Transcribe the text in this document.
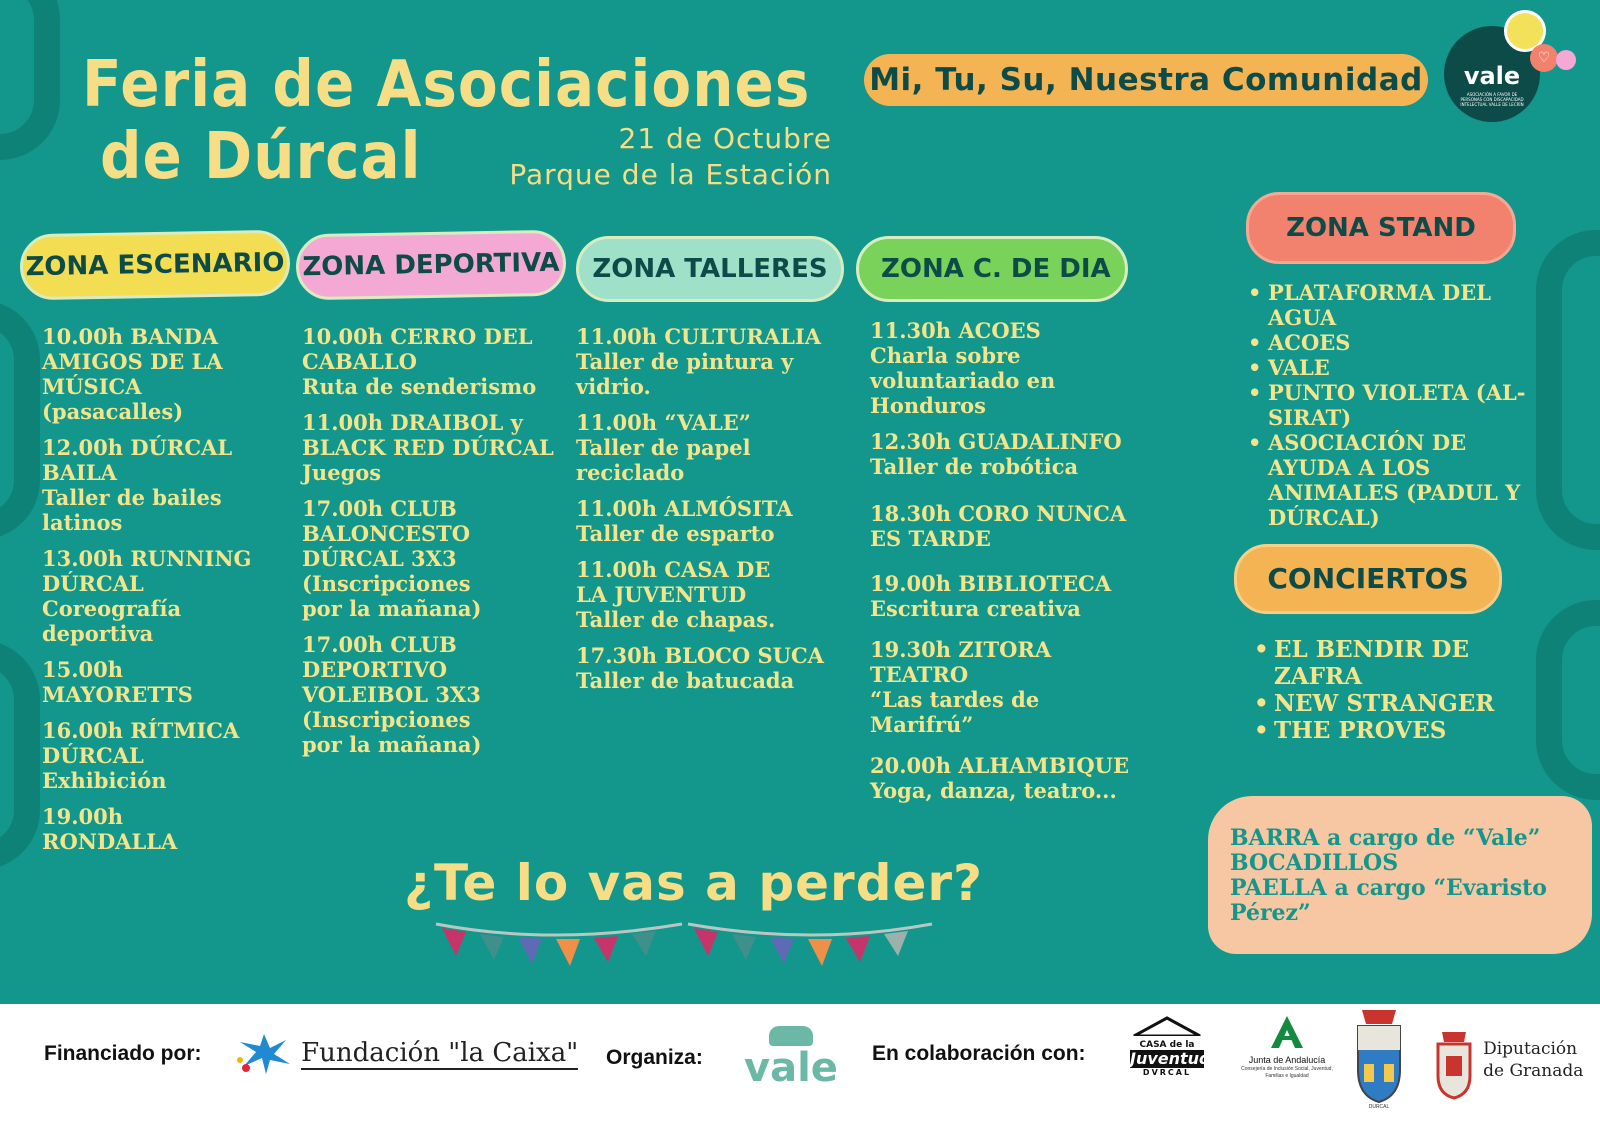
Feria de Asociaciones
de Dúrcal	21 de Octubre
Parque de la Estación
Mi, Tu, Su, Nuestra Comunidad	vale
ASOCIACIÓN A FAVOR DE PERSONAS CON DISCAPACIDAD INTELECTUAL VALLE DE LECRÍN
♡
ZONA ESCENARIO ZONA DEPORTIVA	ZONA TALLERES	ZONA C. DE DIA
10.00h BANDA AMIGOS DE LA MÚSICA
(pasacalles)
12.00h DÚRCAL BAILA
Taller de bailes latinos
13.00h RUNNING DÚRCAL
Coreografía deportiva
15.00h MAYORETTS
16.00h RÍTMICA DÚRCAL
Exhibición
19.00h RONDALLA
10.00h CERRO DEL CABALLO
Ruta de senderismo
11.00h DRAIBOL y BLACK RED DÚRCAL
Juegos
17.00h CLUB BALONCESTO DÚRCAL 3X3
(Inscripciones por la mañana)
17.00h CLUB DEPORTIVO VOLEIBOL 3X3
(Inscripciones por la mañana)
11.00h CULTURALIA
Taller de pintura y vidrio.
11.00h “VALE”
Taller de papel reciclado
11.00h ALMÓSITA
Taller de esparto
11.00h CASA DE LA JUVENTUD
Taller de chapas.
17.30h BLOCO SUCA
Taller de batucada
11.30h ACOES
Charla sobre voluntariado en Honduros
12.30h GUADALINFO
Taller de robótica
18.30h CORO NUNCA ES TARDE
19.00h BIBLIOTECA
Escritura creativa
19.30h ZITORA TEATRO
“Las tardes de Marifrú”
20.00h ALHAMBIQUE
Yoga, danza, teatro...
ZONA STAND
• PLATAFORMA DEL AGUA
• ACOES
• VALE
• PUNTO VIOLETA (AL-SIRAT)
• ASOCIACIÓN DE AYUDA A LOS ANIMALES (PADUL Y DÚRCAL)
CONCIERTOS
• EL BENDIR DE ZAFRA
• NEW STRANGER
• THE PROVES
BARRA a cargo de “Vale”
BOCADILLOS
PAELLA a cargo “Evaristo Pérez”
¿Te lo vas a perder?
Financiado por:	Fundación "la Caixa" Organiza: vale En colaboración con:	CASA de la
Juventud
DVRCAL
Junta de Andalucía
Consejería de Inclusión Social, Juventud, Familias e Igualdad
DURCAL

Diputación
de Granada
